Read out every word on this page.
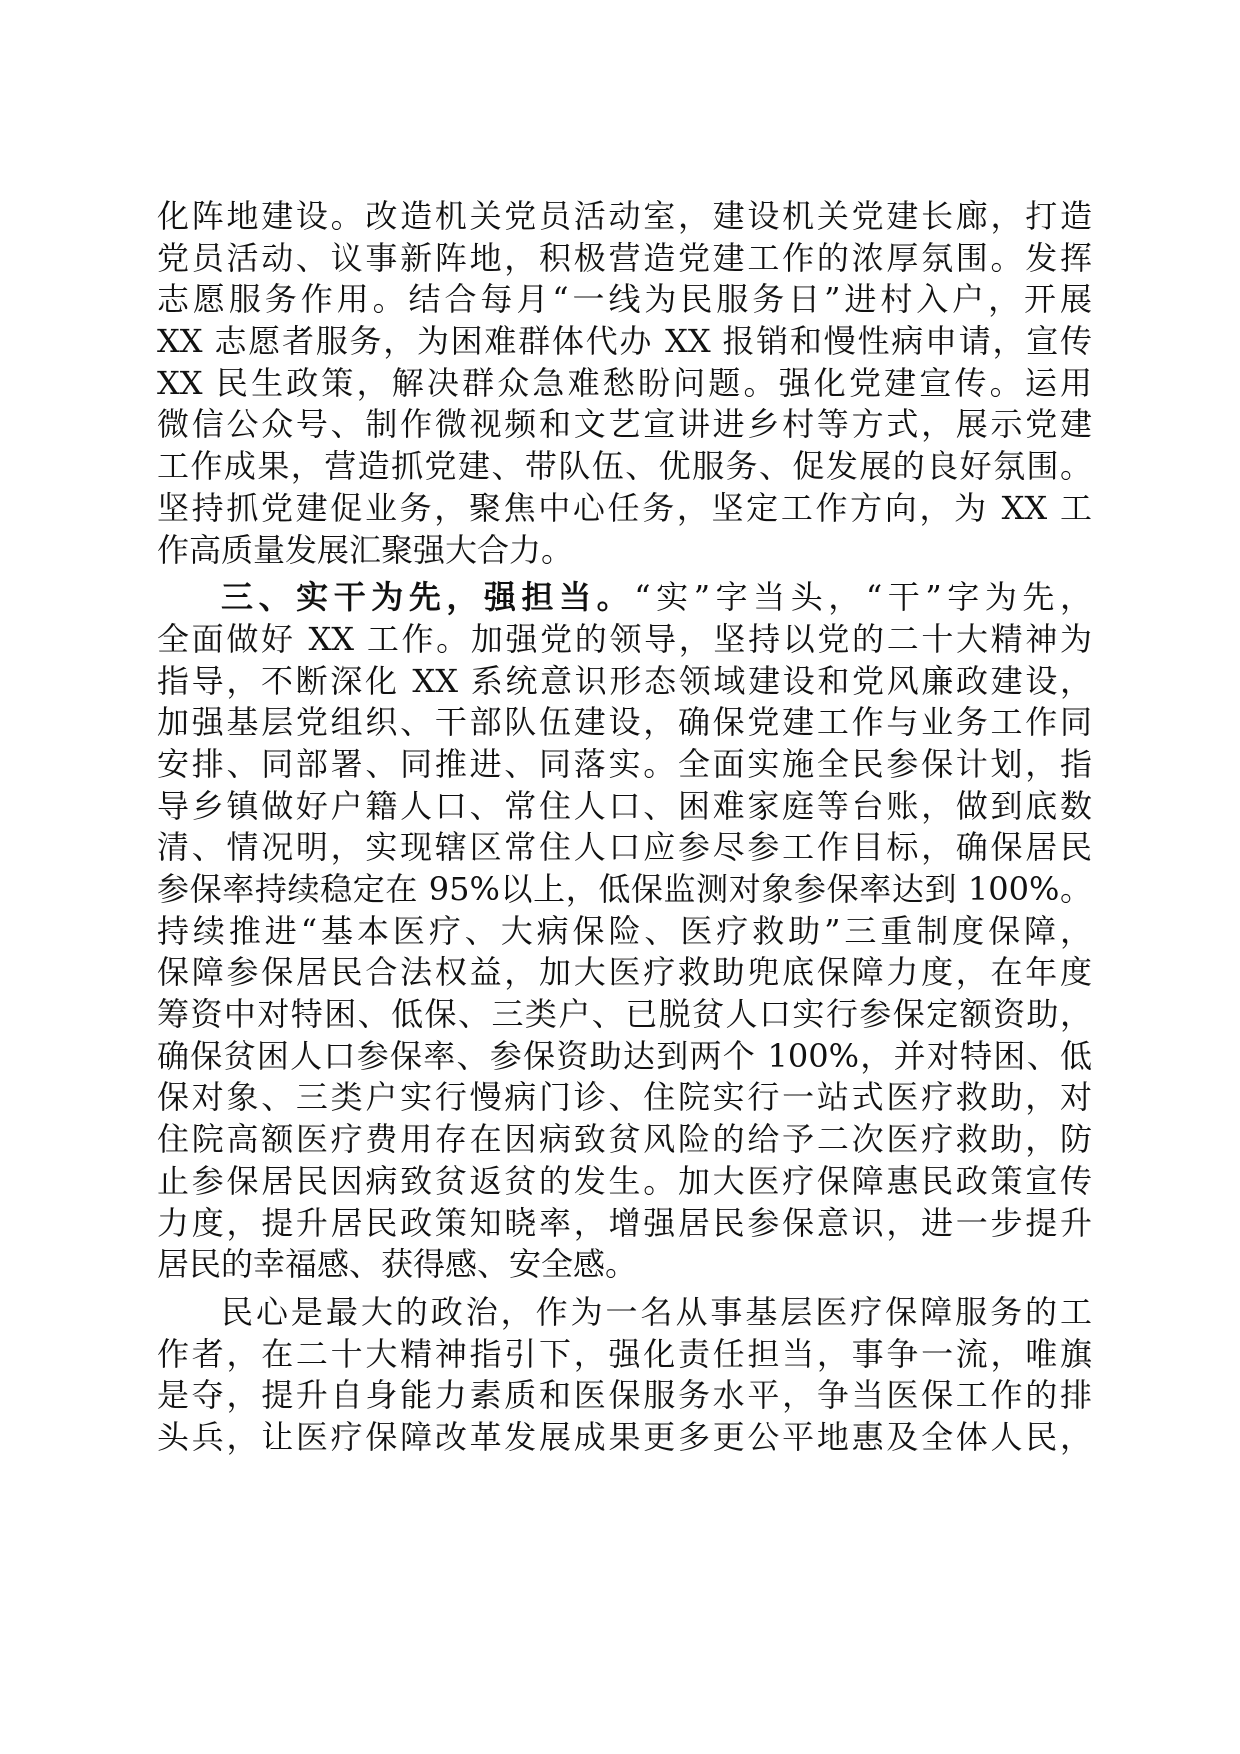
化阵地建设。改造机关党员活动室，建设机关党建长廊，打造
党员活动、议事新阵地，积极营造党建工作的浓厚氛围。发挥
志愿服务作用。结合每月“一线为民服务日”进村入户，开展
XX 志愿者服务，为困难群体代办 XX 报销和慢性病申请，宣传
XX 民生政策，解决群众急难愁盼问题。强化党建宣传。运用
微信公众号、制作微视频和文艺宣讲进乡村等方式，展示党建
工作成果，营造抓党建、带队伍、优服务、促发展的良好氛围。
坚持抓党建促业务，聚焦中心任务，坚定工作方向，为 XX 工
作高质量发展汇聚强大合力。
三、实干为先，强担当。“实”字当头，“干”字为先，
全面做好 XX 工作。加强党的领导，坚持以党的二十大精神为
指导，不断深化 XX 系统意识形态领域建设和党风廉政建设，
加强基层党组织、干部队伍建设，确保党建工作与业务工作同
安排、同部署、同推进、同落实。全面实施全民参保计划，指
导乡镇做好户籍人口、常住人口、困难家庭等台账，做到底数
清、情况明，实现辖区常住人口应参尽参工作目标，确保居民
参保率持续稳定在 95%以上，低保监测对象参保率达到 100%。
持续推进“基本医疗、大病保险、医疗救助”三重制度保障，
保障参保居民合法权益，加大医疗救助兜底保障力度，在年度
筹资中对特困、低保、三类户、已脱贫人口实行参保定额资助，
确保贫困人口参保率、参保资助达到两个 100%，并对特困、低
保对象、三类户实行慢病门诊、住院实行一站式医疗救助，对
住院高额医疗费用存在因病致贫风险的给予二次医疗救助，防
止参保居民因病致贫返贫的发生。加大医疗保障惠民政策宣传
力度，提升居民政策知晓率，增强居民参保意识，进一步提升
居民的幸福感、获得感、安全感。
民心是最大的政治，作为一名从事基层医疗保障服务的工
作者，在二十大精神指引下，强化责任担当，事争一流，唯旗
是夺，提升自身能力素质和医保服务水平，争当医保工作的排
头兵，让医疗保障改革发展成果更多更公平地惠及全体人民，
